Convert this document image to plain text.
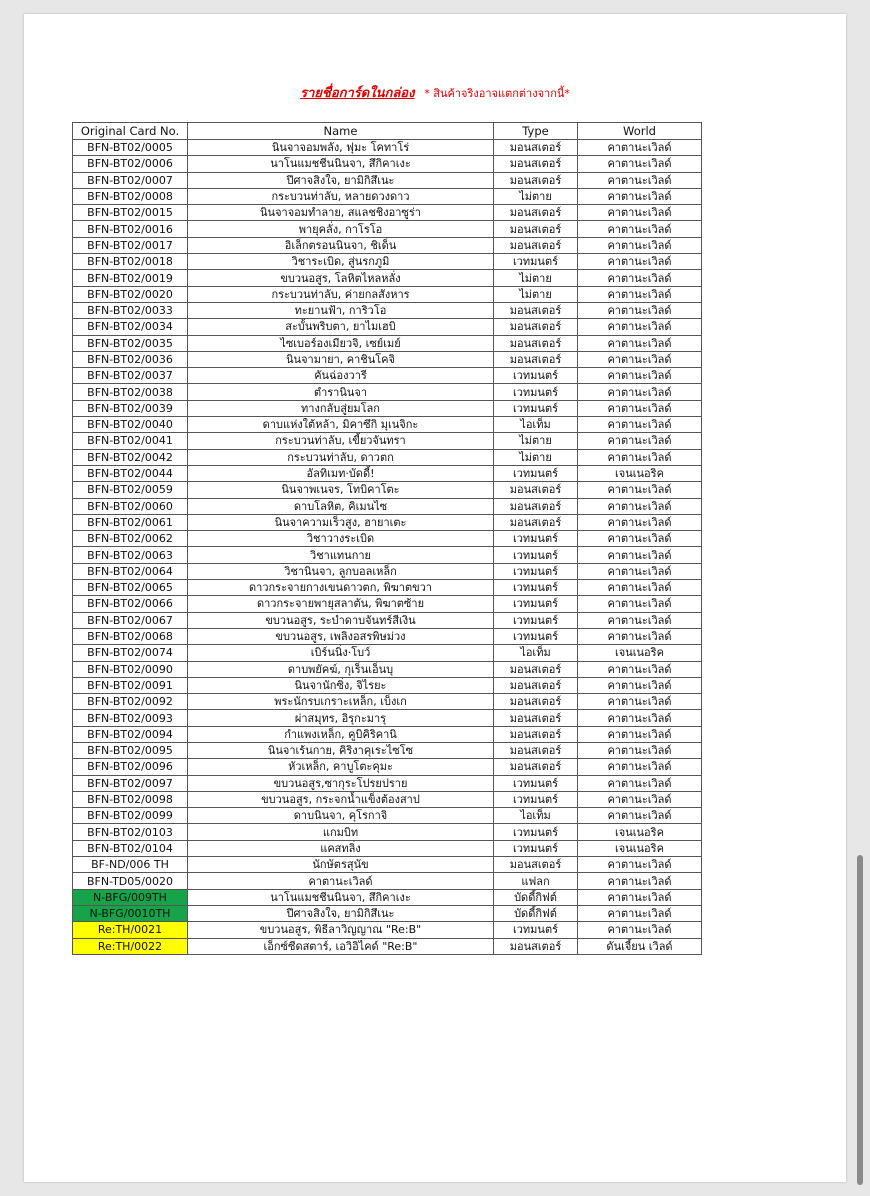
รายชื่อการ์ดในกล่อง * สินค้าจริงอาจแตกต่างจากนี้*
Original Card No.	Name	Type	World
BFN-BT02/0005	นินจาจอมพลัง, ฟุมะ โคทาโร่	มอนสเตอร์	คาตานะเวิลด์
BFN-BT02/0006	นาโนแมชชีนนินจา, สึกิคาเงะ	มอนสเตอร์	คาตานะเวิลด์
BFN-BT02/0007	ปีศาจสิงใจ, ยามิกิสึเนะ	มอนสเตอร์	คาตานะเวิลด์
BFN-BT02/0008	กระบวนท่าลับ, หลายดวงดาว	ไม่ตาย	คาตานะเวิลด์
BFN-BT02/0015	นินจาจอมทำลาย, สแลชชิงอาซูร่า	มอนสเตอร์	คาตานะเวิลด์
BFN-BT02/0016	พายุคลั่ง, กาโรโอ	มอนสเตอร์	คาตานะเวิลด์
BFN-BT02/0017	อิเล็กตรอนนินจา, ชิเด็น	มอนสเตอร์	คาตานะเวิลด์
BFN-BT02/0018	วิชาระเบิด, สู่นรกภูมิ	เวทมนตร์	คาตานะเวิลด์
BFN-BT02/0019	ขบวนอสูร, โลหิตไหลหลั่ง	ไม่ตาย	คาตานะเวิลด์
BFN-BT02/0020	กระบวนท่าลับ, ค่ายกลสังหาร	ไม่ตาย	คาตานะเวิลด์
BFN-BT02/0033	ทะยานฟ้า, การิวโอ	มอนสเตอร์	คาตานะเวิลด์
BFN-BT02/0034	สะบั้นพริบตา, ยาไมเฮบิ	มอนสเตอร์	คาตานะเวิลด์
BFN-BT02/0035	ไซเบอร์องเมียวจิ, เซย์เมย์	มอนสเตอร์	คาตานะเวิลด์
BFN-BT02/0036	นินจามายา, คาชินโคจิ	มอนสเตอร์	คาตานะเวิลด์
BFN-BT02/0037	คันฉ่องวารี	เวทมนตร์	คาตานะเวิลด์
BFN-BT02/0038	ตำรานินจา	เวทมนตร์	คาตานะเวิลด์
BFN-BT02/0039	ทางกลับสู่ยมโลก	เวทมนตร์	คาตานะเวิลด์
BFN-BT02/0040	ดาบแห่งใต้หล้า, มิคาซึกิ มุเนจิกะ	ไอเท็ม	คาตานะเวิลด์
BFN-BT02/0041	กระบวนท่าลับ, เขี้ยวจันทรา	ไม่ตาย	คาตานะเวิลด์
BFN-BT02/0042	กระบวนท่าลับ, ดาวตก	ไม่ตาย	คาตานะเวิลด์
BFN-BT02/0044	อัลทิเมท·บัดดี้!	เวทมนตร์	เจนเนอริค
BFN-BT02/0059	นินจาพเนจร, โทบิคาโตะ	มอนสเตอร์	คาตานะเวิลด์
BFN-BT02/0060	ดาบโลหิต, คิเมนไซ	มอนสเตอร์	คาตานะเวิลด์
BFN-BT02/0061	นินจาความเร็วสูง, ฮายาเตะ	มอนสเตอร์	คาตานะเวิลด์
BFN-BT02/0062	วิชาวางระเบิด	เวทมนตร์	คาตานะเวิลด์
BFN-BT02/0063	วิชาแทนกาย	เวทมนตร์	คาตานะเวิลด์
BFN-BT02/0064	วิชานินจา, ลูกบอลเหล็ก	เวทมนตร์	คาตานะเวิลด์
BFN-BT02/0065	ดาวกระจายกางเขนดาวตก, พิฆาตขวา	เวทมนตร์	คาตานะเวิลด์
BFN-BT02/0066	ดาวกระจายพายุสลาตัน, พิฆาตซ้าย	เวทมนตร์	คาตานะเวิลด์
BFN-BT02/0067	ขบวนอสูร, ระบำดาบจันทร์สีเงิน	เวทมนตร์	คาตานะเวิลด์
BFN-BT02/0068	ขบวนอสูร, เพลิงอสรพิษม่วง	เวทมนตร์	คาตานะเวิลด์
BFN-BT02/0074	เบิร์นนิ่ง·โบว์	ไอเท็ม	เจนเนอริค
BFN-BT02/0090	ดาบพยัคฆ์, กุเร็นเอ็นบุ	มอนสเตอร์	คาตานะเวิลด์
BFN-BT02/0091	นินจานักซิ่ง, จิไรยะ	มอนสเตอร์	คาตานะเวิลด์
BFN-BT02/0092	พระนักรบเกราะเหล็ก, เบ็งเก	มอนสเตอร์	คาตานะเวิลด์
BFN-BT02/0093	ผ่าสมุทร, อิรุกะมารุ	มอนสเตอร์	คาตานะเวิลด์
BFN-BT02/0094	กำแพงเหล็ก, คูบิคิริคานิ	มอนสเตอร์	คาตานะเวิลด์
BFN-BT02/0095	นินจาเร้นกาย, คิริงาคุเระไซโซ	มอนสเตอร์	คาตานะเวิลด์
BFN-BT02/0096	หัวเหล็ก, คาบูโตะคุมะ	มอนสเตอร์	คาตานะเวิลด์
BFN-BT02/0097	ขบวนอสูร,ซากุระโปรยปราย	เวทมนตร์	คาตานะเวิลด์
BFN-BT02/0098	ขบวนอสูร, กระจกน้ำแข็งต้องสาป	เวทมนตร์	คาตานะเวิลด์
BFN-BT02/0099	ดาบนินจา, คุโรกาจิ	ไอเท็ม	คาตานะเวิลด์
BFN-BT02/0103	แกมบิท	เวทมนตร์	เจนเนอริค
BFN-BT02/0104	แคสทลิ่ง	เวทมนตร์	เจนเนอริค
BF-ND/006 TH	นักษัตรสุนัข	มอนสเตอร์	คาตานะเวิลด์
BFN-TD05/0020	คาตานะเวิลด์	แฟลก	คาตานะเวิลด์
N-BFG/009TH	นาโนแมชชีนนินจา, สึกิคาเงะ	บัดดี้กิฟต์	คาตานะเวิลด์
N-BFG/0010TH	ปีศาจสิงใจ, ยามิกิสึเนะ	บัดดี้กิฟต์	คาตานะเวิลด์
Re:TH/0021	ขบวนอสูร, พิธีลาวิญญาณ "Re:B"	เวทมนตร์	คาตานะเวิลด์
Re:TH/0022	เอ็กซ์ซีดสตาร์, เอวิอิไคด์ "Re:B"	มอนสเตอร์	ดันเจี้ยน เวิลด์
